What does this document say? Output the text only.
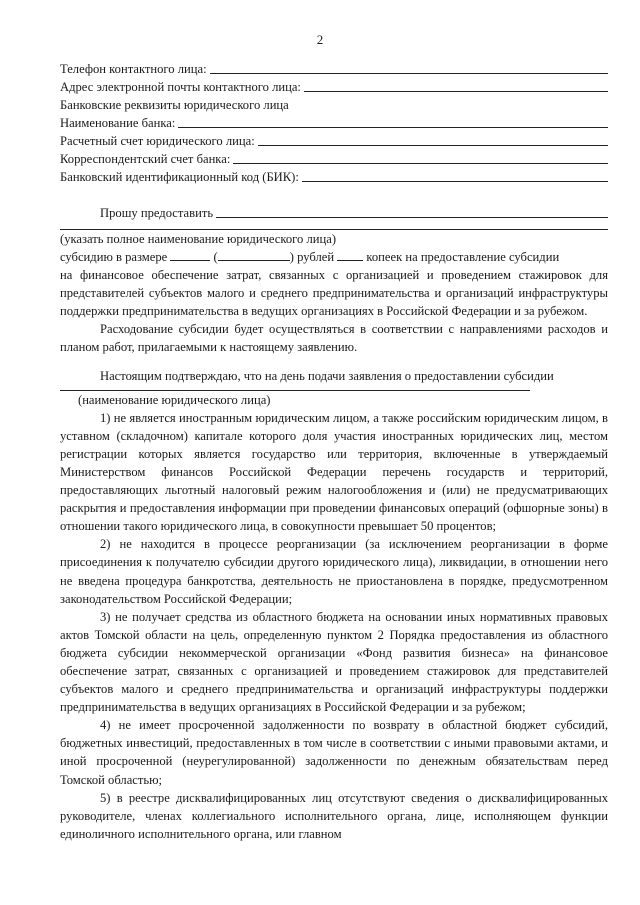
2
Телефон контактного лица:
Адрес электронной почты контактного лица:
Банковские реквизиты юридического лица
Наименование банка:
Расчетный счет юридического лица:
Корреспондентский счет банка:
Банковский идентификационный код (БИК):
Прошу предоставить
(указать полное наименование юридического лица)
субсидию в размере	(	) рублей	копеек на предоставление субсидии

на финансовое обеспечение затрат, связанных с организацией и проведением стажировок для представителей субъектов малого и среднего предпринимательства и организаций инфраструктуры поддержки предпринимательства в ведущих организациях в Российской Федерации и за рубежом.

Расходование субсидии будет осуществляться в соответствии с направлениями расходов и планом работ, прилагаемыми к настоящему заявлению.

Настоящим подтверждаю, что на день подачи заявления о предоставлении субсидии

(наименование юридического лица)

1) не является иностранным юридическим лицом, а также российским юридическим лицом, в уставном (складочном) капитале которого доля участия иностранных юридических лиц, местом регистрации которых является государство или территория, включенные в утверждаемый Министерством финансов Российской Федерации перечень государств и территорий, предоставляющих льготный налоговый режим налогообложения и (или) не предусматривающих раскрытия и предоставления информации при проведении финансовых операций (офшорные зоны) в отношении такого юридического лица, в совокупности превышает 50 процентов;

2) не находится в процессе реорганизации (за исключением реорганизации в форме присоединения к получателю субсидии другого юридического лица), ликвидации, в отношении него не введена процедура банкротства, деятельность не приостановлена в порядке, предусмотренном законодательством Российской Федерации;

3) не получает средства из областного бюджета на основании иных нормативных правовых актов Томской области на цель, определенную пунктом 2 Порядка предоставления из областного бюджета субсидии некоммерческой организации «Фонд развития бизнеса» на финансовое обеспечение затрат, связанных с организацией и проведением стажировок для представителей субъектов малого и среднего предпринимательства и организаций инфраструктуры поддержки предпринимательства в ведущих организациях в Российской Федерации и за рубежом;

4) не имеет просроченной задолженности по возврату в областной бюджет субсидий, бюджетных инвестиций, предоставленных в том числе в соответствии с иными правовыми актами, и иной просроченной (неурегулированной) задолженности по денежным обязательствам перед Томской областью;

5) в реестре дисквалифицированных лиц отсутствуют сведения о дисквалифицированных руководителе, членах коллегиального исполнительного органа, лице, исполняющем функции единоличного исполнительного органа, или главном
